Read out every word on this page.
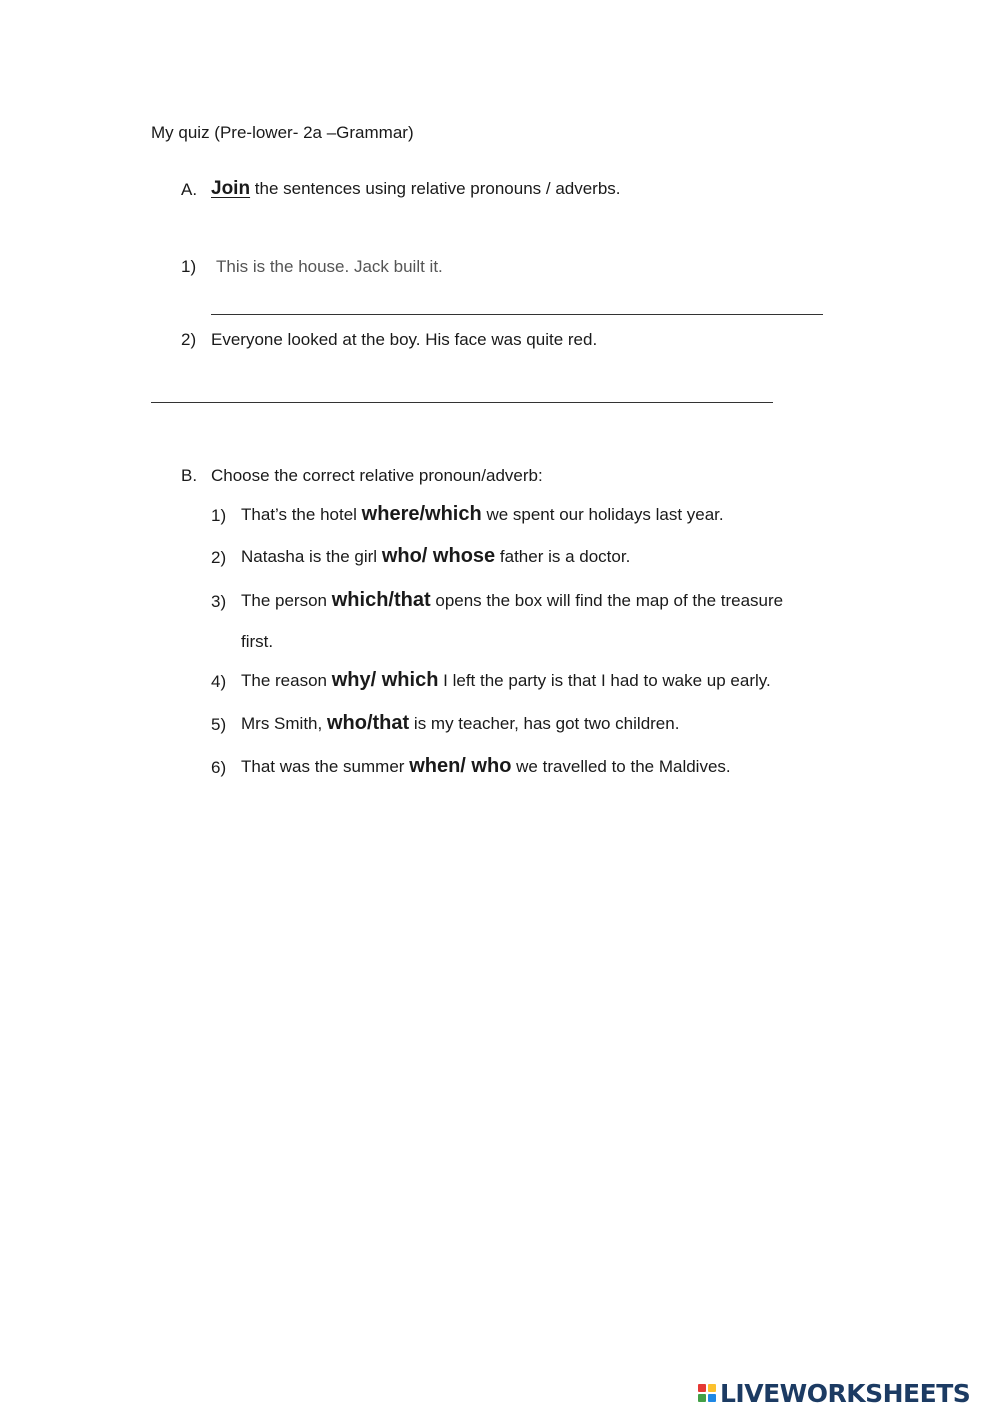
My quiz (Pre-lower- 2a –Grammar)
A. Join the sentences using relative pronouns / adverbs.
1) This is the house. Jack built it.
2) Everyone looked at the boy. His face was quite red.
B. Choose the correct relative pronoun/adverb:
1) That’s the hotel where/which we spent our holidays last year.
2) Natasha is the girl who/ whose father is a doctor.
3) The person which/that opens the box will find the map of the treasure
first.
4) The reason why/ which I left the party is that I had to wake up early.
5) Mrs Smith, who/that is my teacher, has got two children.
6) That was the summer when/ who we travelled to the Maldives.
LIVEWORKSHEETS
